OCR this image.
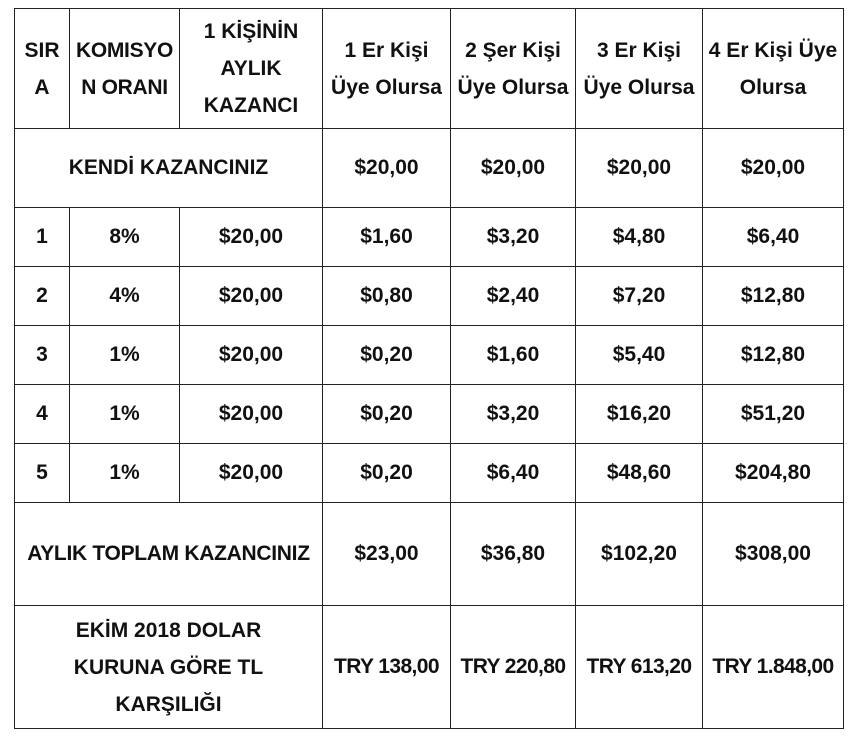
SIR A	KOMISYO N ORANI	1 KİŞİNİN AYLIK KAZANCI	1 Er Kişi Üye Olursa	2 Şer Kişi Üye Olursa	3 Er Kişi Üye Olursa	4 Er Kişi Üye Olursa
KENDİ KAZANCINIZ			$20,00	$20,00	$20,00	$20,00
1	8%	$20,00	$1,60	$3,20	$4,80	$6,40
2	4%	$20,00	$0,80	$2,40	$7,20	$12,80
3	1%	$20,00	$0,20	$1,60	$5,40	$12,80
4	1%	$20,00	$0,20	$3,20	$16,20	$51,20
5	1%	$20,00	$0,20	$6,40	$48,60	$204,80
AYLIK TOPLAM KAZANCINIZ			$23,00	$36,80	$102,20	$308,00
EKİM 2018 DOLAR KURUNA GÖRE TL KARŞILIĞI			TRY 138,00	TRY 220,80	TRY 613,20	TRY 1.848,00
